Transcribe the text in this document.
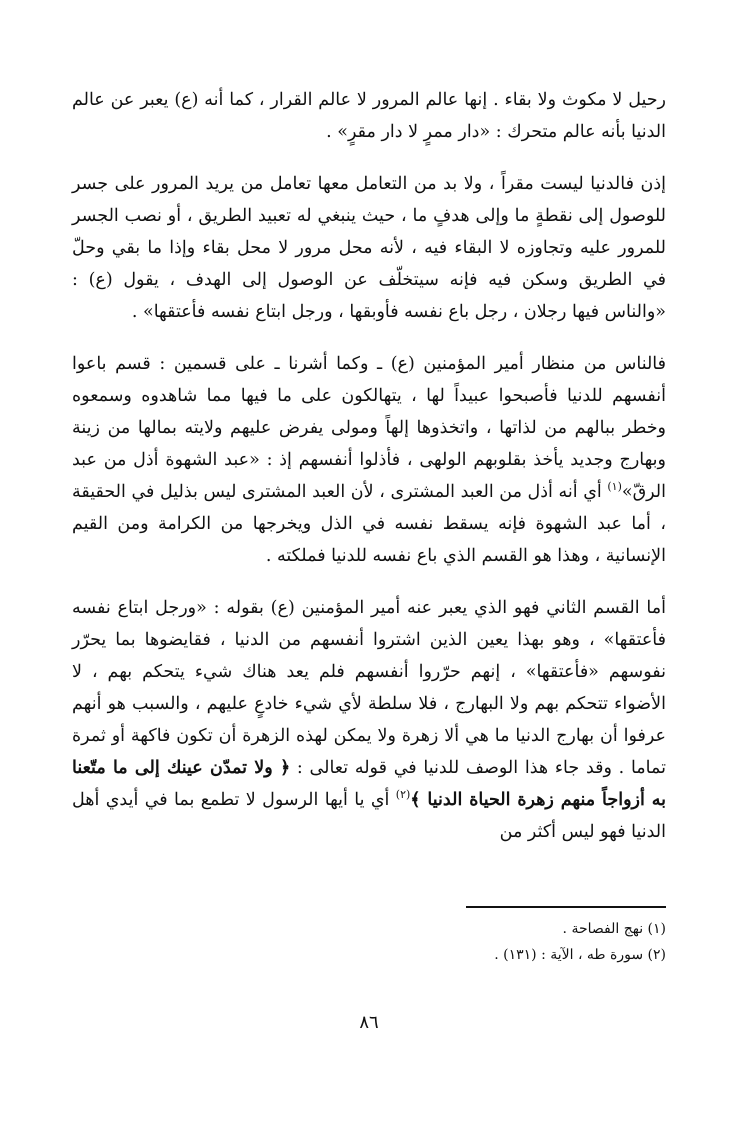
رحيل لا مكوث ولا بقاء . إنها عالم المرور لا عالم القرار ، كما أنه (ع) يعبر عن عالم الدنيا بأنه عالم متحرك : «دار ممرٍ لا دار مقرٍ» .

إذن فالدنيا ليست مقراً ، ولا بد من التعامل معها تعامل من يريد المرور على جسر للوصول إلى نقطةٍ ما وإلى هدفٍ ما ، حيث ينبغي له تعبيد الطريق ، أو نصب الجسر للمرور عليه وتجاوزه لا البقاء فيه ، لأنه محل مرور لا محل بقاء وإذا ما بقي وحلّ في الطريق وسكن فيه فإنه سيتخلّف عن الوصول إلى الهدف ، يقول (ع) : «والناس فيها رجلان ، رجل باع نفسه فأوبقها ، ورجل ابتاع نفسه فأعتقها» .

فالناس من منظار أمير المؤمنين (ع) ـ وكما أشرنا ـ على قسمين : قسم باعوا أنفسهم للدنيا فأصبحوا عبيداً لها ، يتهالكون على ما فيها مما شاهدوه وسمعوه وخطر ببالهم من لذاتها ، واتخذوها إلهاً ومولى يفرض عليهم ولايته بمالها من زينة وبهارج وجديد يأخذ بقلوبهم الولهى ، فأذلوا أنفسهم إذ : «عبد الشهوة أذل من عبد الرقّ»$^{(١)}$ أي أنه أذل من العبد المشترى ، لأن العبد المشترى ليس بذليل في الحقيقة ، أما عبد الشهوة فإنه يسقط نفسه في الذل ويخرجها من الكرامة ومن القيم الإنسانية ، وهذا هو القسم الذي باع نفسه للدنيا فملكته .

أما القسم الثاني فهو الذي يعبر عنه أمير المؤمنين (ع) بقوله : «ورجل ابتاع نفسه فأعتقها» ، وهو بهذا يعين الذين اشتروا أنفسهم من الدنيا ، فقايضوها بما يحرّر نفوسهم «فأعتقها» ، إنهم حرّروا أنفسهم فلم يعد هناك شيء يتحكم بهم ، لا الأضواء تتحكم بهم ولا البهارج ، فلا سلطة لأي شيء خادعٍ عليهم ، والسبب هو أنهم عرفوا أن بهارج الدنيا ما هي ألا زهرة ولا يمكن لهذه الزهرة أن تكون فاكهة أو ثمرة تماما . وقد جاء هذا الوصف للدنيا في قوله تعالى : ﴿ ولا تمدّن عينك إلى ما متّعنا به أزواجاً منهم زهرة الحياة الدنيا ﴾$^{(٢)}$ أي يا أيها الرسول لا تطمع بما في أيدي أهل الدنيا فهو ليس أكثر من

(١) نهج الفصاحة .
(٢) سورة طه ، الآية : (١٣١) .
٨٦
